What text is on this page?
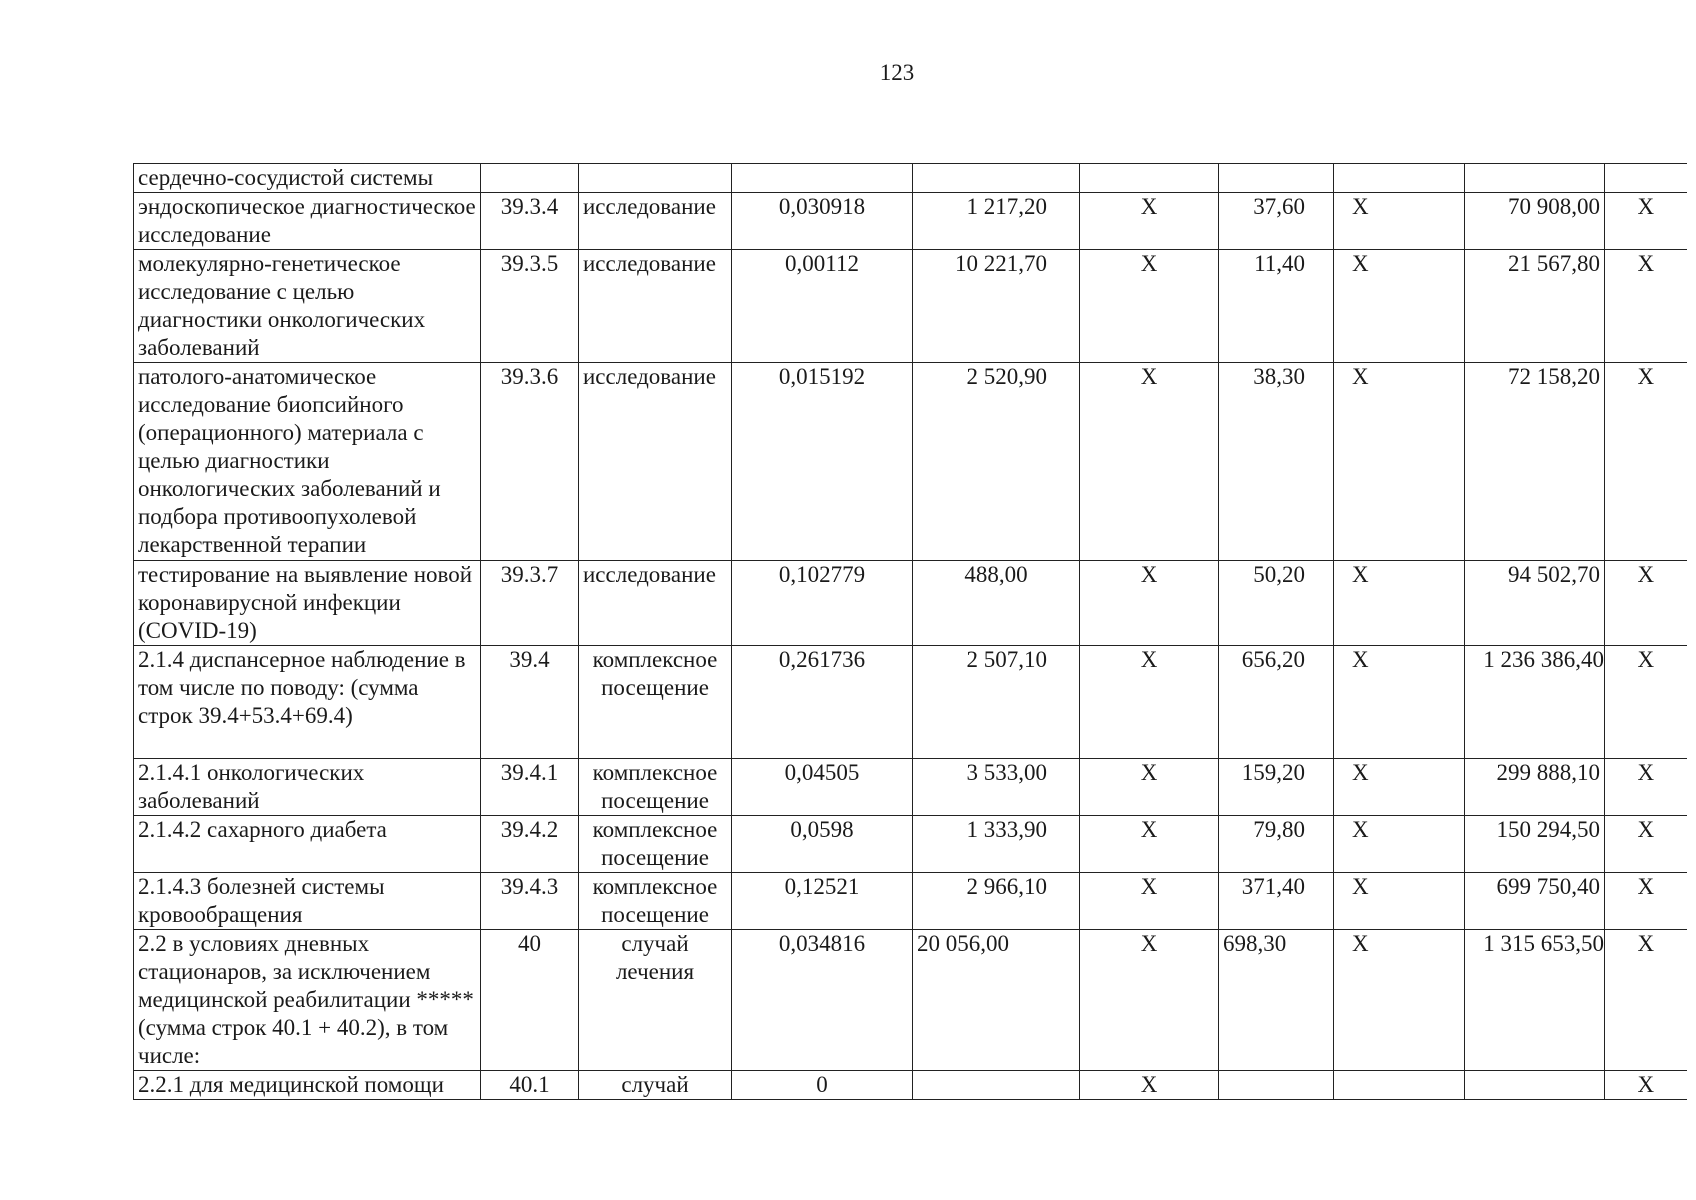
123
сердечно-сосудистой системы									
эндоскопическое диагностическое исследование	39.3.4	исследование	0,030918	1 217,20	X	37,60	X	70 908,00	X
молекулярно-генетическое исследование с целью диагностики онкологических заболеваний	39.3.5	исследование	0,00112	10 221,70	X	11,40	X	21 567,80	X
патолого-анатомическое исследование биопсийного (операционного) материала с целью диагностики онкологических заболеваний и подбора противоопухолевой лекарственной терапии	39.3.6	исследование	0,015192	2 520,90	X	38,30	X	72 158,20	X
тестирование на выявление новой коронавирусной инфекции (COVID-19)	39.3.7	исследование	0,102779	488,00	X	50,20	X	94 502,70	X
2.1.4 диспансерное наблюдение в том числе по поводу: (сумма строк 39.4+53.4+69.4)	39.4	комплексное посещение	0,261736	2 507,10	X	656,20	X	1 236 386,40	X
2.1.4.1 онкологических заболеваний	39.4.1	комплексное посещение	0,04505	3 533,00	X	159,20	X	299 888,10	X
2.1.4.2 сахарного диабета	39.4.2	комплексное посещение	0,0598	1 333,90	X	79,80	X	150 294,50	X
2.1.4.3 болезней системы кровообращения	39.4.3	комплексное посещение	0,12521	2 966,10	X	371,40	X	699 750,40	X
2.2 в условиях дневных стационаров, за исключением медицинской реабилитации ***** (сумма строк 40.1 + 40.2), в том числе:	40	случай лечения	0,034816	20 056,00	X	698,30	X	1 315 653,50	X
2.2.1 для медицинской помощи	40.1	случай	0		X				X
